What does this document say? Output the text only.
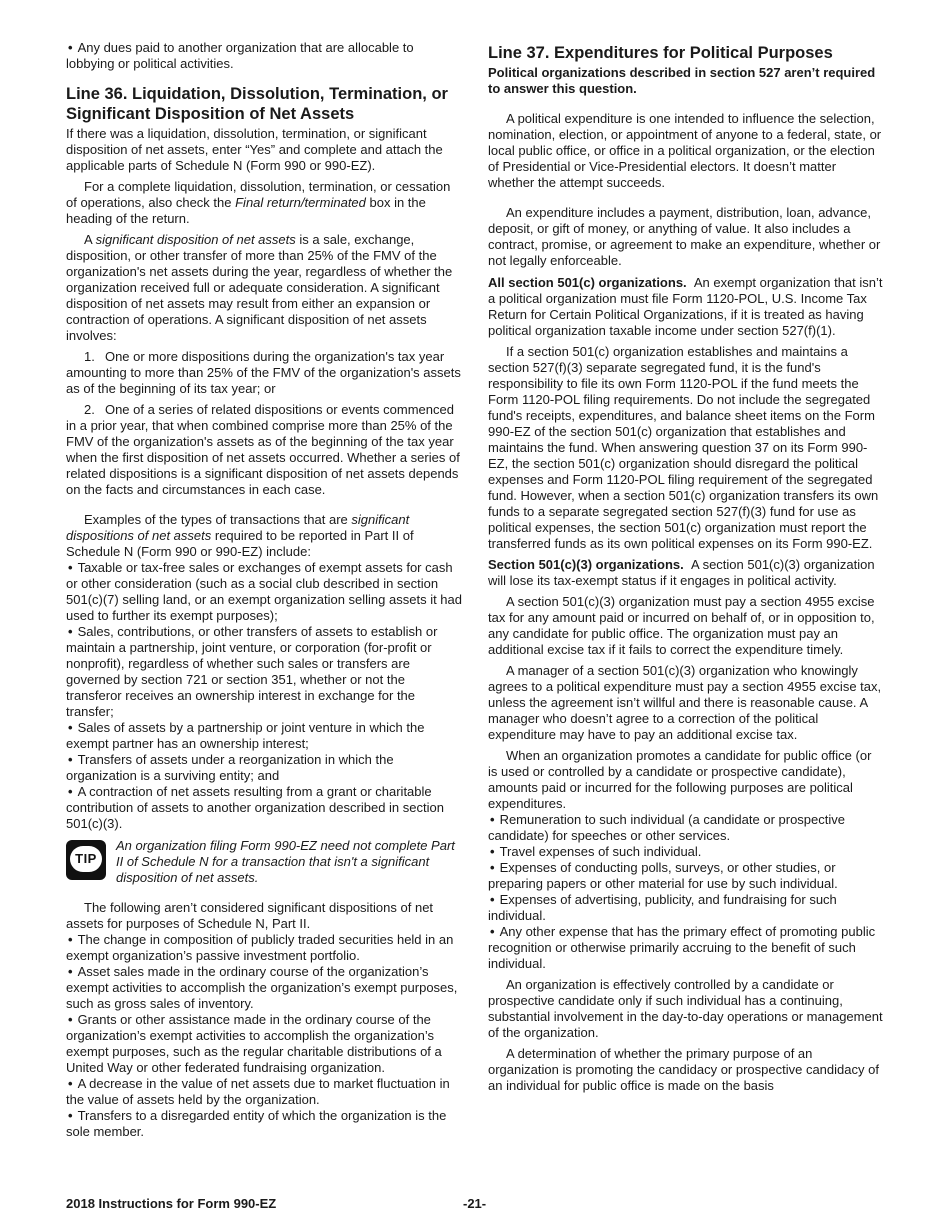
• Any dues paid to another organization that are allocable to lobbying or political activities.

Line 36. Liquidation, Dissolution, Termination, or Significant Disposition of Net Assets

If there was a liquidation, dissolution, termination, or significant disposition of net assets, enter “Yes” and complete and attach the applicable parts of Schedule N (Form 990 or 990-EZ).

For a complete liquidation, dissolution, termination, or cessation of operations, also check the Final return/terminated box in the heading of the return.

A significant disposition of net assets is a sale, exchange, disposition, or other transfer of more than 25% of the FMV of the organization's net assets during the year, regardless of whether the organization received full or adequate consideration. A significant disposition of net assets may result from either an expansion or contraction of operations. A significant disposition of net assets involves:

1.  One or more dispositions during the organization's tax year amounting to more than 25% of the FMV of the organization's assets as of the beginning of its tax year; or

2.  One of a series of related dispositions or events commenced in a prior year, that when combined comprise more than 25% of the FMV of the organization's assets as of the beginning of the tax year when the first disposition of net assets occurred. Whether a series of related dispositions is a significant disposition of net assets depends on the facts and circumstances in each case.

Examples of the types of transactions that are significant dispositions of net assets required to be reported in Part II of Schedule N (Form 990 or 990-EZ) include:

• Taxable or tax-free sales or exchanges of exempt assets for cash or other consideration (such as a social club described in section 501(c)(7) selling land, or an exempt organization selling assets it had used to further its exempt purposes);

• Sales, contributions, or other transfers of assets to establish or maintain a partnership, joint venture, or corporation (for-profit or nonprofit), regardless of whether such sales or transfers are governed by section 721 or section 351, whether or not the transferor receives an ownership interest in exchange for the transfer;

• Sales of assets by a partnership or joint venture in which the exempt partner has an ownership interest;

• Transfers of assets under a reorganization in which the organization is a surviving entity; and

• A contraction of net assets resulting from a grant or charitable contribution of assets to another organization described in section 501(c)(3).

TIP
An organization filing Form 990-EZ need not complete Part II of Schedule N for a transaction that isn't a significant disposition of net assets.

The following aren’t considered significant dispositions of net assets for purposes of Schedule N, Part II.

• The change in composition of publicly traded securities held in an exempt organization’s passive investment portfolio.

• Asset sales made in the ordinary course of the organization’s exempt activities to accomplish the organization’s exempt purposes, such as gross sales of inventory.

• Grants or other assistance made in the ordinary course of the organization’s exempt activities to accomplish the organization’s exempt purposes, such as the regular charitable distributions of a United Way or other federated fundraising organization.

• A decrease in the value of net assets due to market fluctuation in the value of assets held by the organization.

• Transfers to a disregarded entity of which the organization is the sole member.

Line 37. Expenditures for Political Purposes
Political organizations described in section 527 aren’t required to answer this question.

A political expenditure is one intended to influence the selection, nomination, election, or appointment of anyone to a federal, state, or local public office, or office in a political organization, or the election of Presidential or Vice-Presidential electors. It doesn’t matter whether the attempt succeeds.

An expenditure includes a payment, distribution, loan, advance, deposit, or gift of money, or anything of value. It also includes a contract, promise, or agreement to make an expenditure, whether or not legally enforceable.

All section 501(c) organizations. An exempt organization that isn’t a political organization must file Form 1120-POL, U.S. Income Tax Return for Certain Political Organizations, if it is treated as having political organization taxable income under section 527(f)(1).

If a section 501(c) organization establishes and maintains a section 527(f)(3) separate segregated fund, it is the fund's responsibility to file its own Form 1120-POL if the fund meets the Form 1120-POL filing requirements. Do not include the segregated fund's receipts, expenditures, and balance sheet items on the Form 990-EZ of the section 501(c) organization that establishes and maintains the fund. When answering question 37 on its Form 990-EZ, the section 501(c) organization should disregard the political expenses and Form 1120-POL filing requirement of the segregated fund. However, when a section 501(c) organization transfers its own funds to a separate segregated section 527(f)(3) fund for use as political expenses, the section 501(c) organization must report the transferred funds as its own political expenses on its Form 990-EZ.

Section 501(c)(3) organizations. A section 501(c)(3) organization will lose its tax-exempt status if it engages in political activity.

A section 501(c)(3) organization must pay a section 4955 excise tax for any amount paid or incurred on behalf of, or in opposition to, any candidate for public office. The organization must pay an additional excise tax if it fails to correct the expenditure timely.

A manager of a section 501(c)(3) organization who knowingly agrees to a political expenditure must pay a section 4955 excise tax, unless the agreement isn’t willful and there is reasonable cause. A manager who doesn’t agree to a correction of the political expenditure may have to pay an additional excise tax.

When an organization promotes a candidate for public office (or is used or controlled by a candidate or prospective candidate), amounts paid or incurred for the following purposes are political expenditures.

• Remuneration to such individual (a candidate or prospective candidate) for speeches or other services.

• Travel expenses of such individual.

• Expenses of conducting polls, surveys, or other studies, or preparing papers or other material for use by such individual.

• Expenses of advertising, publicity, and fundraising for such individual.

• Any other expense that has the primary effect of promoting public recognition or otherwise primarily accruing to the benefit of such individual.

An organization is effectively controlled by a candidate or prospective candidate only if such individual has a continuing, substantial involvement in the day-to-day operations or management of the organization.

A determination of whether the primary purpose of an organization is promoting the candidacy or prospective candidacy of an individual for public office is made on the basis

2018 Instructions for Form 990-EZ	-21-
